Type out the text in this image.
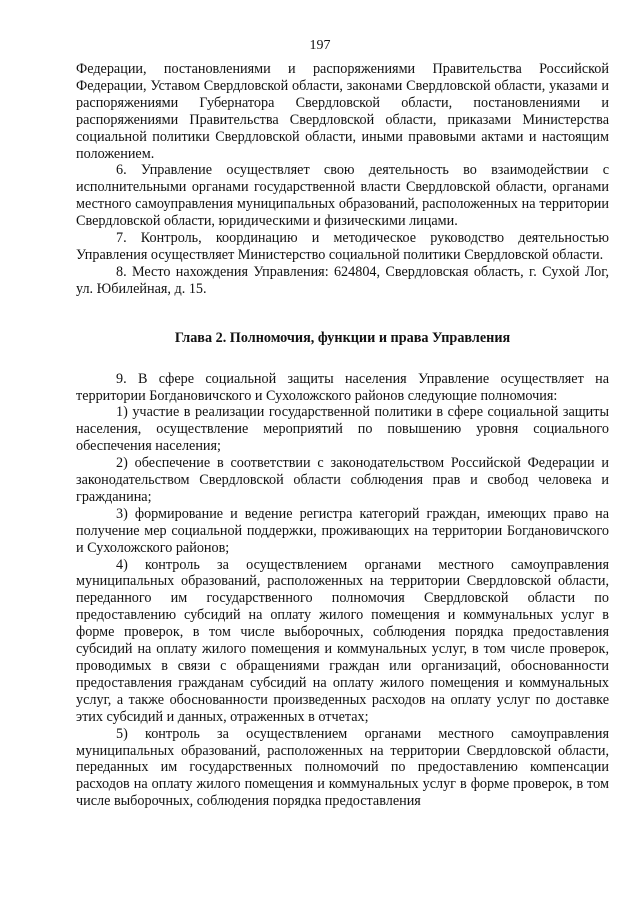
197

Федерации, постановлениями и распоряжениями Правительства Российской Федерации, Уставом Свердловской области, законами Свердловской области, указами и распоряжениями Губернатора Свердловской области, постановлениями и распоряжениями Правительства Свердловской области, приказами Министерства социальной политики Свердловской области, иными правовыми актами и настоящим положением.

6. Управление осуществляет свою деятельность во взаимодействии с исполнительными органами государственной власти Свердловской области, органами местного самоуправления муниципальных образований, расположенных на территории Свердловской области, юридическими и физическими лицами.

7. Контроль, координацию и методическое руководство деятельностью Управления осуществляет Министерство социальной политики Свердловской области.

8. Место нахождения Управления: 624804, Свердловская область, г. Сухой Лог, ул. Юбилейная, д. 15.

Глава 2. Полномочия, функции и права Управления

9. В сфере социальной защиты населения Управление осуществляет на территории Богдановичского и Сухоложского районов следующие полномочия:

1) участие в реализации государственной политики в сфере социальной защиты населения, осуществление мероприятий по повышению уровня социального обеспечения населения;

2) обеспечение в соответствии с законодательством Российской Федерации и законодательством Свердловской области соблюдения прав и свобод человека и гражданина;

3) формирование и ведение регистра категорий граждан, имеющих право на получение мер социальной поддержки, проживающих на территории Богдановичского и Сухоложского районов;

4) контроль за осуществлением органами местного самоуправления муниципальных образований, расположенных на территории Свердловской области, переданного им государственного полномочия Свердловской области по предоставлению субсидий на оплату жилого помещения и коммунальных услуг в форме проверок, в том числе выборочных, соблюдения порядка предоставления субсидий на оплату жилого помещения и коммунальных услуг, в том числе проверок, проводимых в связи с обращениями граждан или организаций, обоснованности предоставления гражданам субсидий на оплату жилого помещения и коммунальных услуг, а также обоснованности произведенных расходов на оплату услуг по доставке этих субсидий и данных, отраженных в отчетах;

5) контроль за осуществлением органами местного самоуправления муниципальных образований, расположенных на территории Свердловской области, переданных им государственных полномочий по предоставлению компенсации расходов на оплату жилого помещения и коммунальных услуг в форме проверок, в том числе выборочных, соблюдения порядка предоставления
